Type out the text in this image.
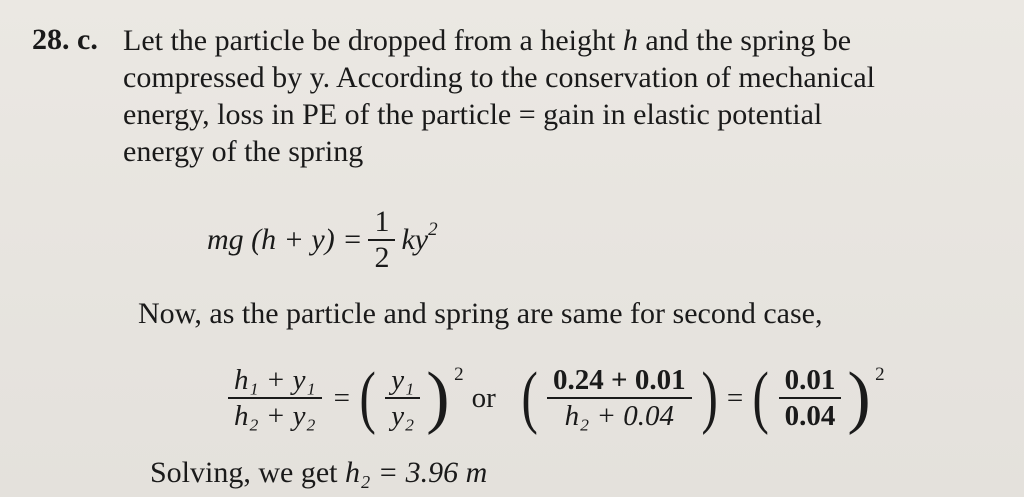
28. c. Let the particle be dropped from a height h and the spring be
compressed by y. According to the conservation of mechanical
energy, loss in PE of the particle = gain in elastic potential
energy of the spring
mg $(h + y) = \frac{1}{2} ky^2$
Now, as the particle and spring are same for second case,
$\frac{\text{h₁ + y₁}}{\text{h₂ + y₂}}$ = ( $\frac{\text{y₁}}{\text{y₂}}$ ) 2
or ( $\frac{0.24 + 0.01}{\text{h₂ + 0.04}}$ ) = ( $\frac{0.01}{0.04}$ ) 2
Solving, we get h₂ = 3.96 m
